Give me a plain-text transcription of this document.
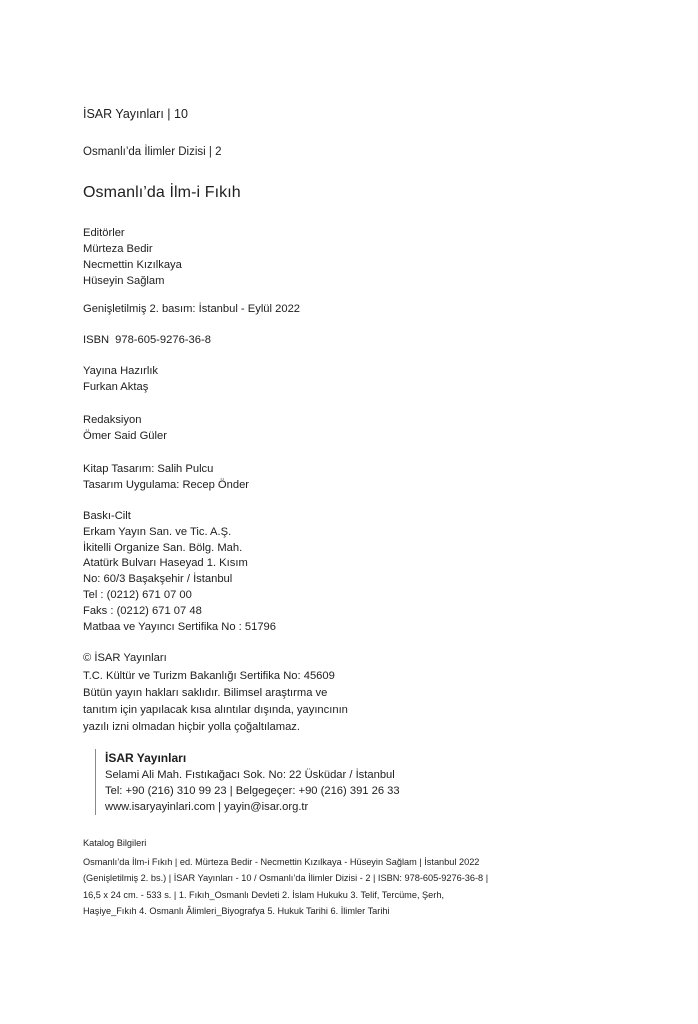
İSAR Yayınları | 10
Osmanlı’da İlimler Dizisi | 2
Osmanlı’da İlm-i Fıkıh
Editörler
Mürteza Bedir
Necmettin Kızılkaya
Hüseyin Sağlam
Genişletilmiş 2. basım: İstanbul - Eylül 2022
ISBN 978-605-9276-36-8
Yayına Hazırlık
Furkan Aktaş
Redaksiyon
Ömer Said Güler
Kitap Tasarım: Salih Pulcu
Tasarım Uygulama: Recep Önder
Baskı-Cilt
Erkam Yayın San. ve Tic. A.Ş.
İkitelli Organize San. Bölg. Mah.
Atatürk Bulvarı Haseyad 1. Kısım
No: 60/3 Başakşehir / İstanbul
Tel : (0212) 671 07 00
Faks : (0212) 671 07 48
Matbaa ve Yayıncı Sertifika No : 51796
© İSAR Yayınları
T.C. Kültür ve Turizm Bakanlığı Sertifika No: 45609
Bütün yayın hakları saklıdır. Bilimsel araştırma ve
tanıtım için yapılacak kısa alıntılar dışında, yayıncının
yazılı izni olmadan hiçbir yolla çoğaltılamaz.
İSAR Yayınları
Selami Ali Mah. Fıstıkağacı Sok. No: 22 Üsküdar / İstanbul
Tel: +90 (216) 310 99 23 | Belgegeçer: +90 (216) 391 26 33
www.isaryayinlari.com | yayin@isar.org.tr
Katalog Bilgileri
Osmanlı’da İlm-i Fıkıh | ed. Mürteza Bedir - Necmettin Kızılkaya - Hüseyin Sağlam | İstanbul 2022
(Genişletilmiş 2. bs.) | İSAR Yayınları - 10 / Osmanlı’da İlimler Dizisi - 2 | ISBN: 978-605-9276-36-8 |
16,5 x 24 cm. - 533 s. | 1. Fıkıh_Osmanlı Devleti 2. İslam Hukuku 3. Telif, Tercüme, Şerh,
Haşiye_Fıkıh 4. Osmanlı Âlimleri_Biyografya 5. Hukuk Tarihi 6. İlimler Tarihi
